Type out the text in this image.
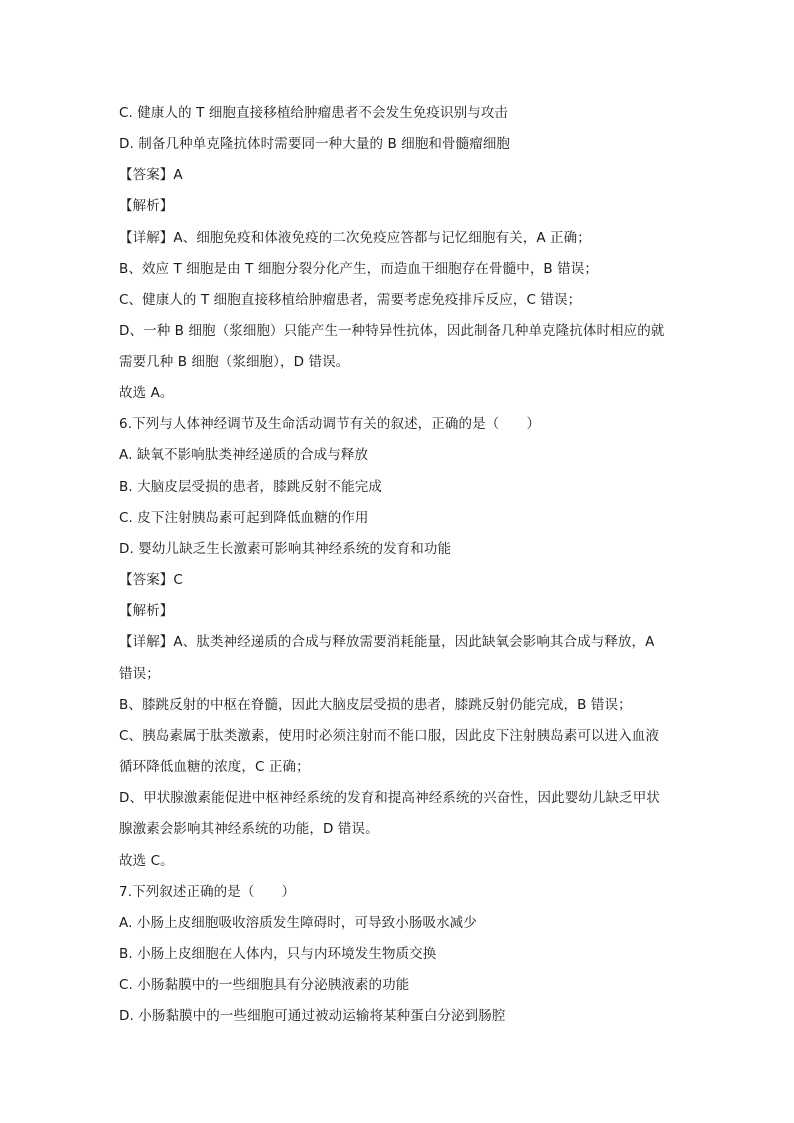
C. 健康人的 T 细胞直接移植给肿瘤患者不会发生免疫识别与攻击
D. 制备几种单克隆抗体时需要同一种大量的 B 细胞和骨髓瘤细胞
【答案】A
【解析】
【详解】A、细胞免疫和体液免疫的二次免疫应答都与记忆细胞有关，A 正确；
B、效应 T 细胞是由 T 细胞分裂分化产生，而造血干细胞存在骨髓中，B 错误；
C、健康人的 T 细胞直接移植给肿瘤患者，需要考虑免疫排斥反应，C 错误；
D、一种 B 细胞（浆细胞）只能产生一种特异性抗体，因此制备几种单克隆抗体时相应的就
需要几种 B 细胞（浆细胞），D 错误。
故选 A。
6.下列与人体神经调节及生命活动调节有关的叙述，正确的是（　　）
A. 缺氧不影响肽类神经递质的合成与释放
B. 大脑皮层受损的患者，膝跳反射不能完成
C. 皮下注射胰岛素可起到降低血糖的作用
D. 婴幼儿缺乏生长激素可影响其神经系统的发育和功能
【答案】C
【解析】
【详解】A、肽类神经递质的合成与释放需要消耗能量，因此缺氧会影响其合成与释放，A
错误；
B、膝跳反射的中枢在脊髓，因此大脑皮层受损的患者，膝跳反射仍能完成，B 错误；
C、胰岛素属于肽类激素，使用时必须注射而不能口服，因此皮下注射胰岛素可以进入血液
循环降低血糖的浓度，C 正确；
D、甲状腺激素能促进中枢神经系统的发育和提高神经系统的兴奋性，因此婴幼儿缺乏甲状
腺激素会影响其神经系统的功能，D 错误。
故选 C。
7.下列叙述正确的是（　　）
A. 小肠上皮细胞吸收溶质发生障碍时，可导致小肠吸水减少
B. 小肠上皮细胞在人体内，只与内环境发生物质交换
C. 小肠黏膜中的一些细胞具有分泌胰液素的功能
D. 小肠黏膜中的一些细胞可通过被动运输将某种蛋白分泌到肠腔
